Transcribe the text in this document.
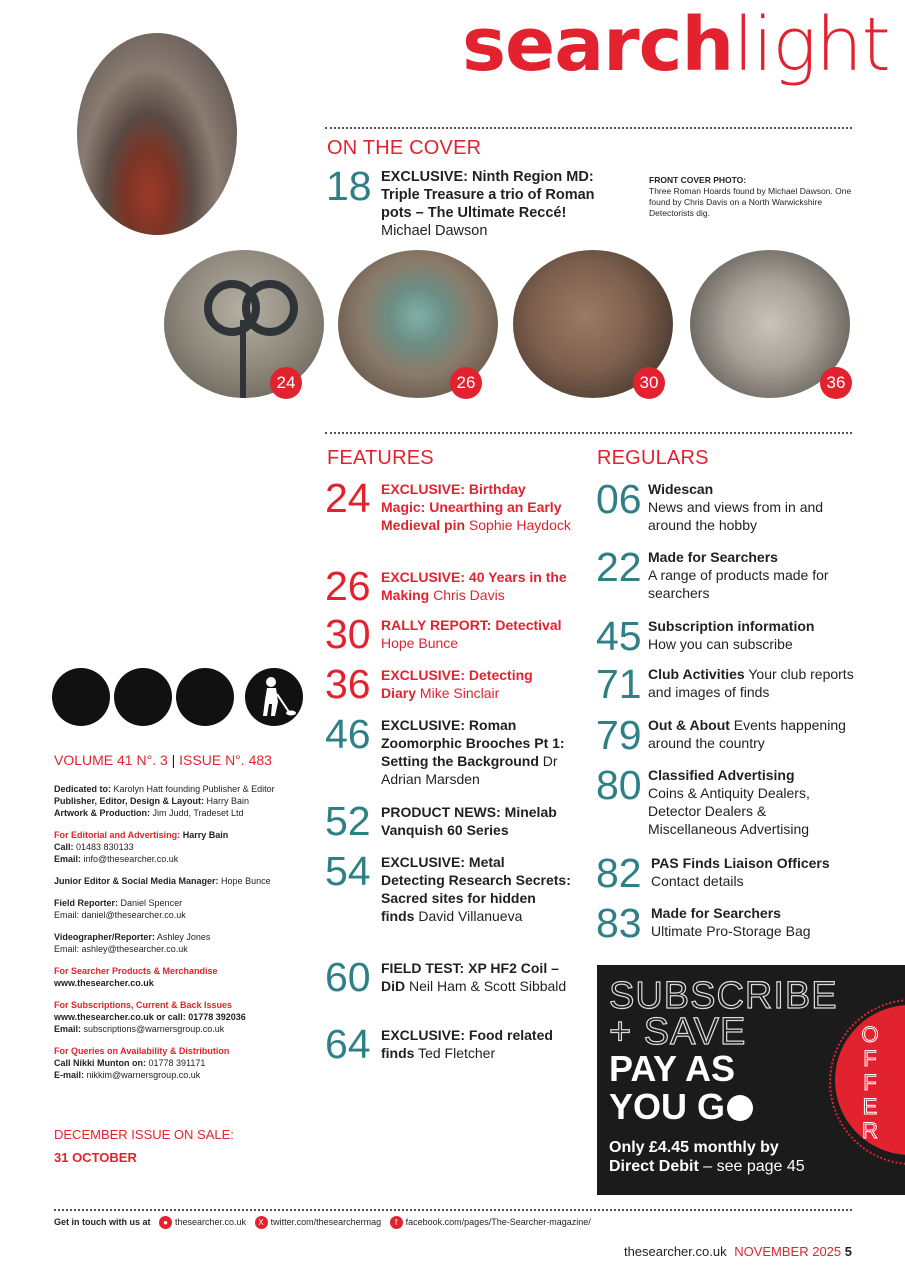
searchlight
ON THE COVER
18 EXCLUSIVE: Ninth Region MD: Triple Treasure a trio of Roman pots – The Ultimate Reccé!
Michael Dawson
FRONT COVER PHOTO:
Three Roman Hoards found by Michael Dawson. One found by Chris Davis on a North Warwickshire Detectorists dig.
24	26	30	36
FEATURES
24 EXCLUSIVE: Birthday Magic: Unearthing an Early Medieval pin Sophie Haydock
26 EXCLUSIVE: 40 Years in the Making Chris Davis
30 RALLY REPORT: Detectival Hope Bunce
36 EXCLUSIVE: Detecting Diary Mike Sinclair
46 EXCLUSIVE: Roman Zoomorphic Brooches Pt 1: Setting the Background Dr Adrian Marsden
52 PRODUCT NEWS: Minelab Vanquish 60 Series
54 EXCLUSIVE: Metal Detecting Research Secrets: Sacred sites for hidden finds David Villanueva
60 FIELD TEST: XP HF2 Coil – DiD Neil Ham & Scott Sibbald
64 EXCLUSIVE: Food related finds Ted Fletcher
REGULARS
06 Widescan
News and views from in and around the hobby
22 Made for Searchers
A range of products made for searchers
45 Subscription information
How you can subscribe
71 Club Activities Your club reports and images of finds
79 Out & About Events happening around the country
80 Classified Advertising
Coins & Antiquity Dealers, Detector Dealers & Miscellaneous Advertising
82 PAS Finds Liaison Officers
Contact details
83 Made for Searchers
Ultimate Pro-Storage Bag
VOLUME 41 N°. 3 | ISSUE N°. 483
Dedicated to: Karolyn Hatt founding Publisher & Editor
Publisher, Editor, Design & Layout: Harry Bain
Artwork & Production: Jim Judd, Tradeset Ltd
For Editorial and Advertising: Harry Bain
Call: 01483 830133
Email: info@thesearcher.co.uk
Junior Editor & Social Media Manager: Hope Bunce
Field Reporter: Daniel Spencer
Email: daniel@thesearcher.co.uk
Videographer/Reporter: Ashley Jones
Email: ashley@thesearcher.co.uk
For Searcher Products & Merchandise
www.thesearcher.co.uk
For Subscriptions, Current & Back Issues
www.thesearcher.co.uk or call: 01778 392036
Email: subscriptions@warnersgroup.co.uk
For Queries on Availability & Distribution
Call Nikki Munton on: 01778 391171
E-mail: nikkim@warnersgroup.co.uk
DECEMBER ISSUE ON SALE:
31 OCTOBER
OFFER
SUBSCRIBE
+ SAVE
PAY AS
YOU G
Only £4.45 monthly by
Direct Debit – see page 45
Get in touch with us at ● thesearcher.co.uk X twitter.com/thesearchermag f facebook.com/pages/The-Searcher-magazine/
thesearcher.co.uk NOVEMBER 2025 5
